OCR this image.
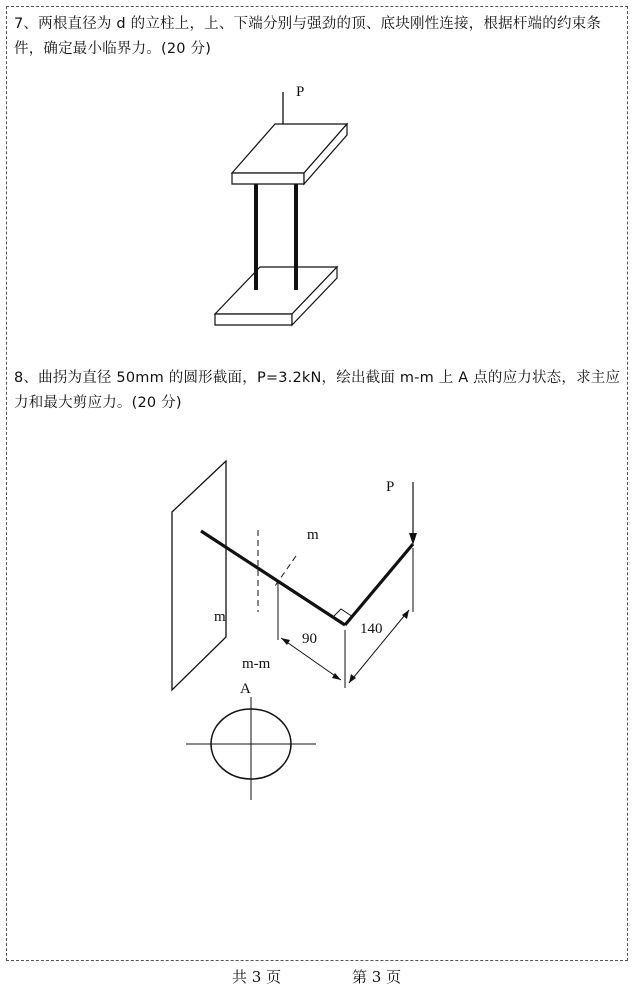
7、两根直径为 d 的立柱上，上、下端分别与强劲的顶、底块刚性连接，根据杆端的约束条件，确定最小临界力。(20 分)
P
8、曲拐为直径 50mm 的圆形截面，P=3.2kN，绘出截面 m-m 上 A 点的应力状态，求主应力和最大剪应力。(20 分)
P
m
m
90
140
m-m
A
共 3 页	第 3 页
